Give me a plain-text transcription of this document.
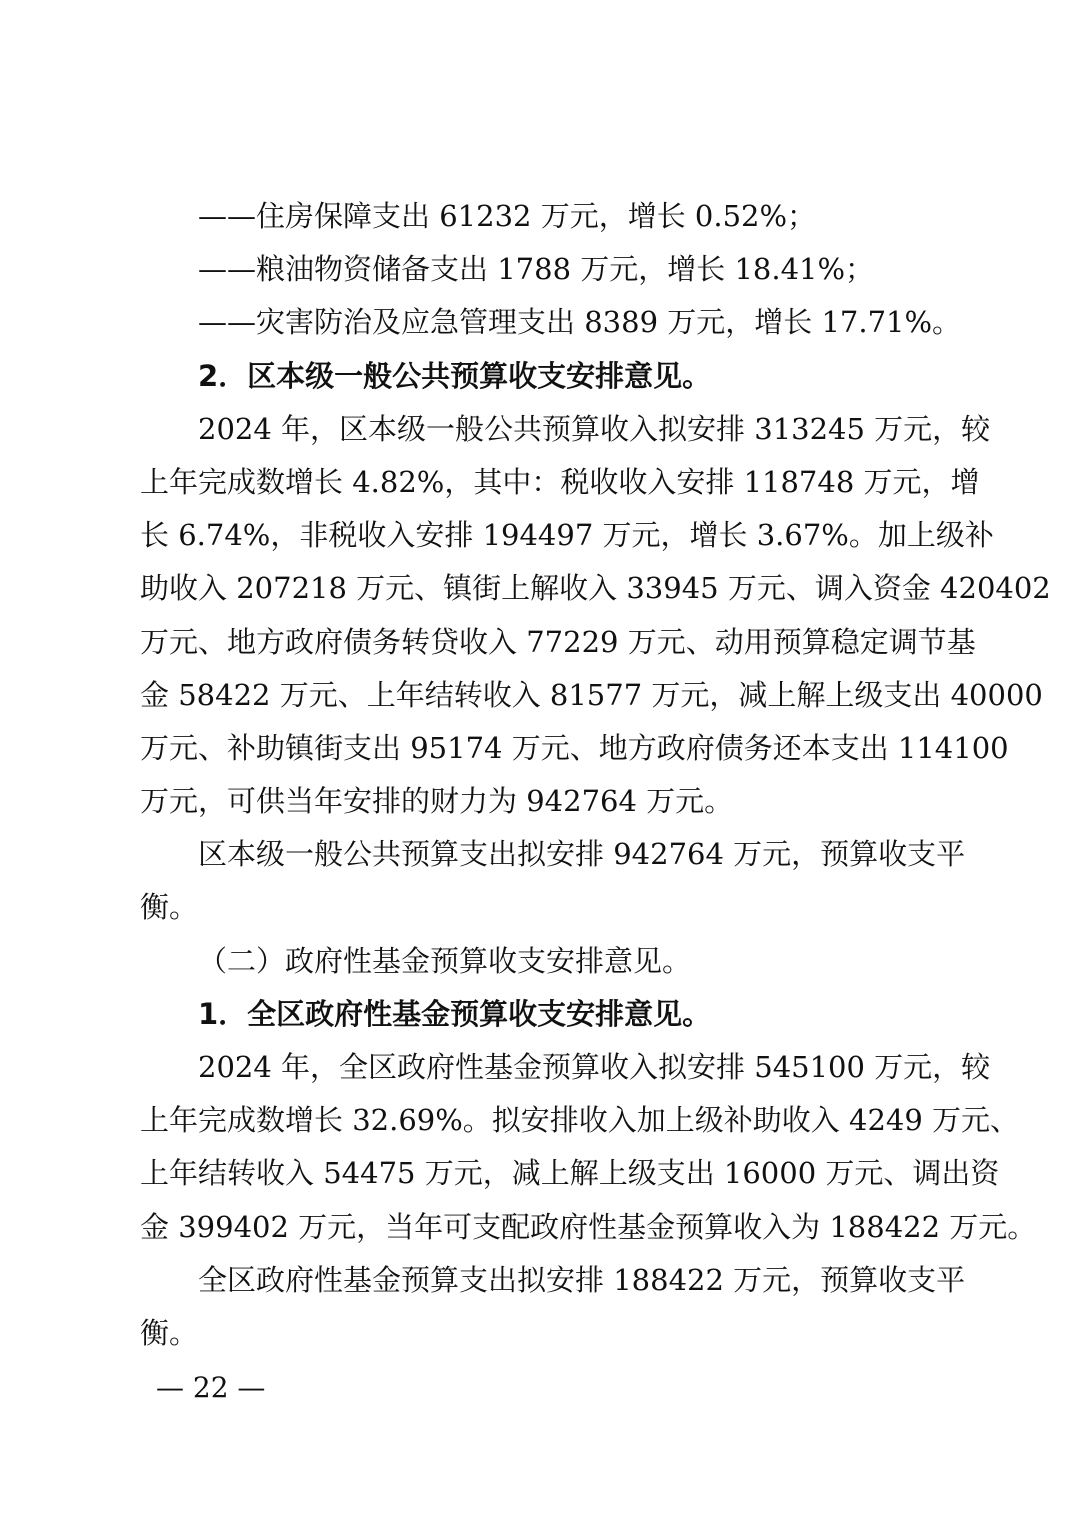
——住房保障支出 61232 万元，增长 0.52%；
——粮油物资储备支出 1788 万元，增长 18.41%；
——灾害防治及应急管理支出 8389 万元，增长 17.71%。
2．区本级一般公共预算收支安排意见。
2024 年，区本级一般公共预算收入拟安排 313245 万元，较
上年完成数增长 4.82%，其中：税收收入安排 118748 万元，增
长 6.74%，非税收入安排 194497 万元，增长 3.67%。加上级补
助收入 207218 万元、镇街上解收入 33945 万元、调入资金 420402
万元、地方政府债务转贷收入 77229 万元、动用预算稳定调节基
金 58422 万元、上年结转收入 81577 万元，减上解上级支出 40000
万元、补助镇街支出 95174 万元、地方政府债务还本支出 114100
万元，可供当年安排的财力为 942764 万元。
区本级一般公共预算支出拟安排 942764 万元，预算收支平
衡。
（二）政府性基金预算收支安排意见。
1．全区政府性基金预算收支安排意见。
2024 年，全区政府性基金预算收入拟安排 545100 万元，较
上年完成数增长 32.69%。拟安排收入加上级补助收入 4249 万元、
上年结转收入 54475 万元，减上解上级支出 16000 万元、调出资
金 399402 万元，当年可支配政府性基金预算收入为 188422 万元。
全区政府性基金预算支出拟安排 188422 万元，预算收支平
衡。
— 22 —
